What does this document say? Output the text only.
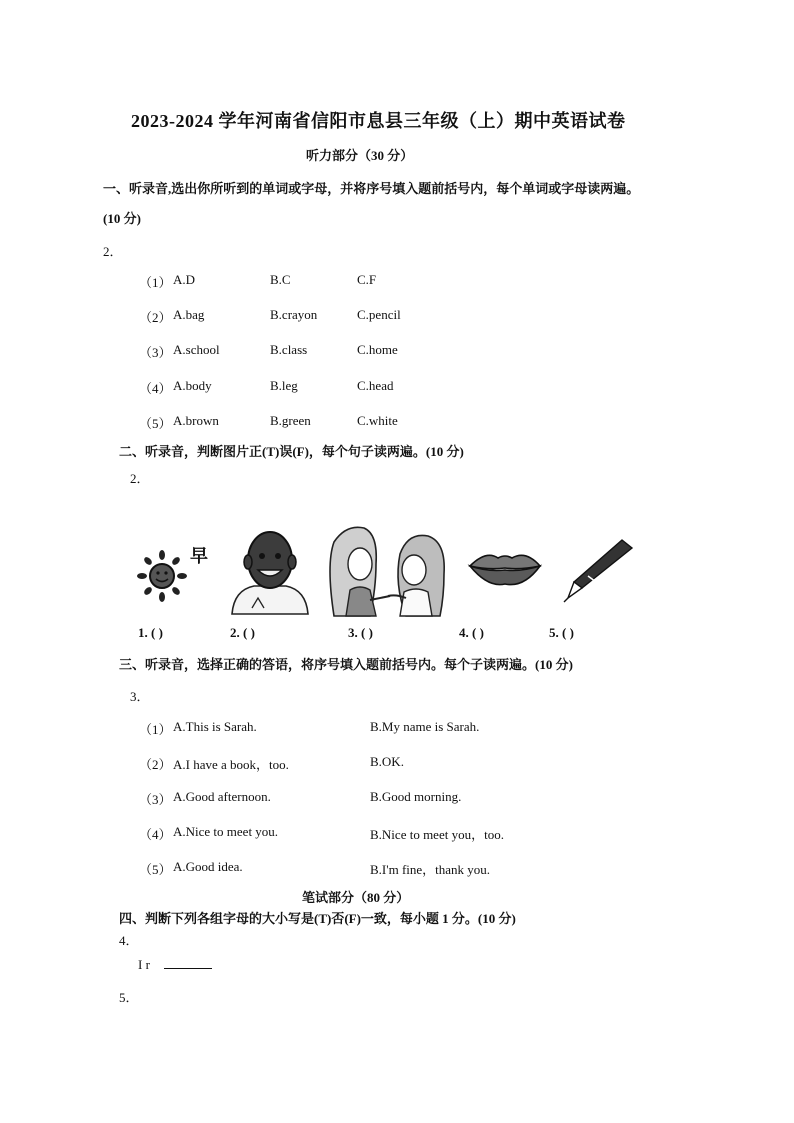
2023-2024 学年河南省信阳市息县三年级（上）期中英语试卷
听力部分（30 分）
一、听录音,选出你所听到的单词或字母，并将序号填入题前括号内，每个单词或字母读两遍。
(10 分)
2．
（1） A.D	B.C	C.F
（2） A.bag	B.crayon	C.pencil
（3） A.school	B.class	C.home
（4） A.body	B.leg	C.head
（5） A.brown	B.green	C.white
二、听录音，判断图片正(T)误(F)，每个句子读两遍。(10 分)
2．
早
1. ( )	2. ( )	3. ( )	4. ( )	5. ( )
三、听录音，选择正确的答语，将序号填入题前括号内。每个子读两遍。(10 分)
3．
（1） A.This is Sarah.	B.My name is Sarah.
（2） A.I have a book，too.	B.OK.
（3） A.Good afternoon.	B.Good morning.
（4） A.Nice to meet you.	B.Nice to meet you，too.
（5） A.Good idea.	B.I'm fine，thank you.
笔试部分（80 分）
四、判断下列各组字母的大小写是(T)否(F)一致，每小题 1 分。(10 分)
4．
I r
5．
